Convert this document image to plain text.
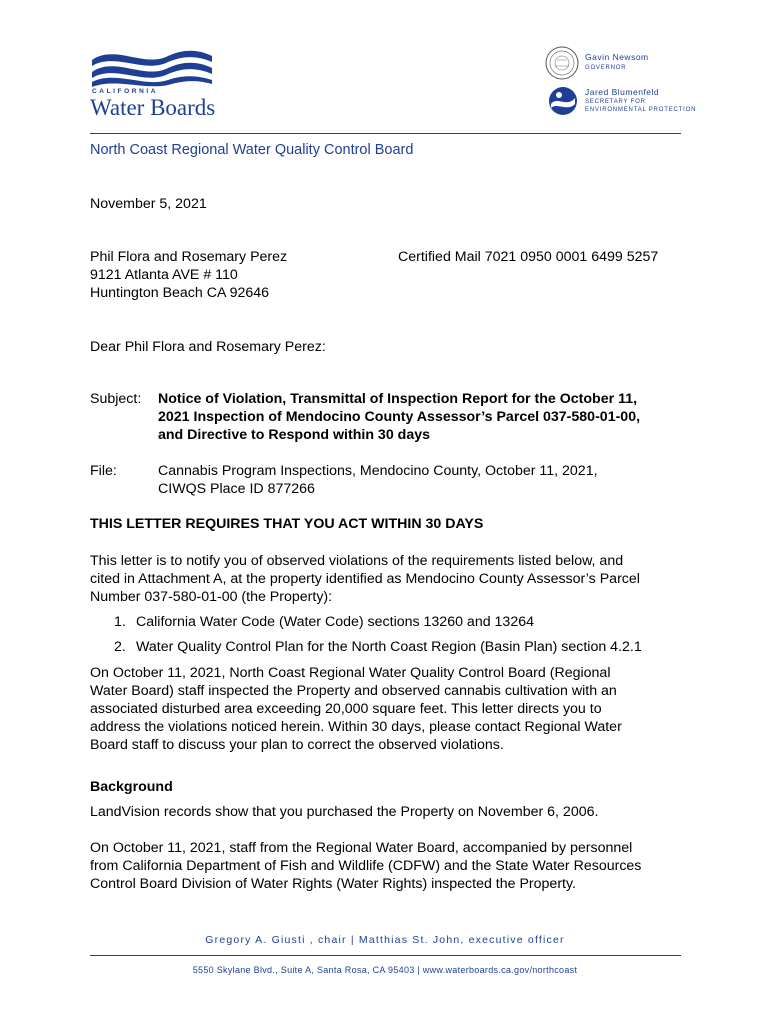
CALIFORNIA
Water Boards
Gavin Newsom
GOVERNOR
Jared Blumenfeld
SECRETARY FOR
ENVIRONMENTAL PROTECTION
North Coast Regional Water Quality Control Board
November 5, 2021
Phil Flora and Rosemary Perez
9121 Atlanta AVE # 110
Huntington Beach CA 92646
Certified Mail 7021 0950 0001 6499 5257
Dear Phil Flora and Rosemary Perez:
Subject: Notice of Violation, Transmittal of Inspection Report for the October 11,
2021 Inspection of Mendocino County Assessor’s Parcel 037-580-01-00,
and Directive to Respond within 30 days
File:	Cannabis Program Inspections, Mendocino County, October 11, 2021,
CIWQS Place ID 877266
THIS LETTER REQUIRES THAT YOU ACT WITHIN 30 DAYS
This letter is to notify you of observed violations of the requirements listed below, and
cited in Attachment A, at the property identified as Mendocino County Assessor’s Parcel
Number 037-580-01-00 (the Property):
1. California Water Code (Water Code) sections 13260 and 13264
2. Water Quality Control Plan for the North Coast Region (Basin Plan) section 4.2.1
On October 11, 2021, North Coast Regional Water Quality Control Board (Regional
Water Board) staff inspected the Property and observed cannabis cultivation with an
associated disturbed area exceeding 20,000 square feet. This letter directs you to
address the violations noticed herein. Within 30 days, please contact Regional Water
Board staff to discuss your plan to correct the observed violations.
Background
LandVision records show that you purchased the Property on November 6, 2006.
On October 11, 2021, staff from the Regional Water Board, accompanied by personnel
from California Department of Fish and Wildlife (CDFW) and the State Water Resources
Control Board Division of Water Rights (Water Rights) inspected the Property.
Gregory A. Giusti , chair | Matthias St. John, executive officer
5550 Skylane Blvd., Suite A, Santa Rosa, CA 95403 | www.waterboards.ca.gov/northcoast
